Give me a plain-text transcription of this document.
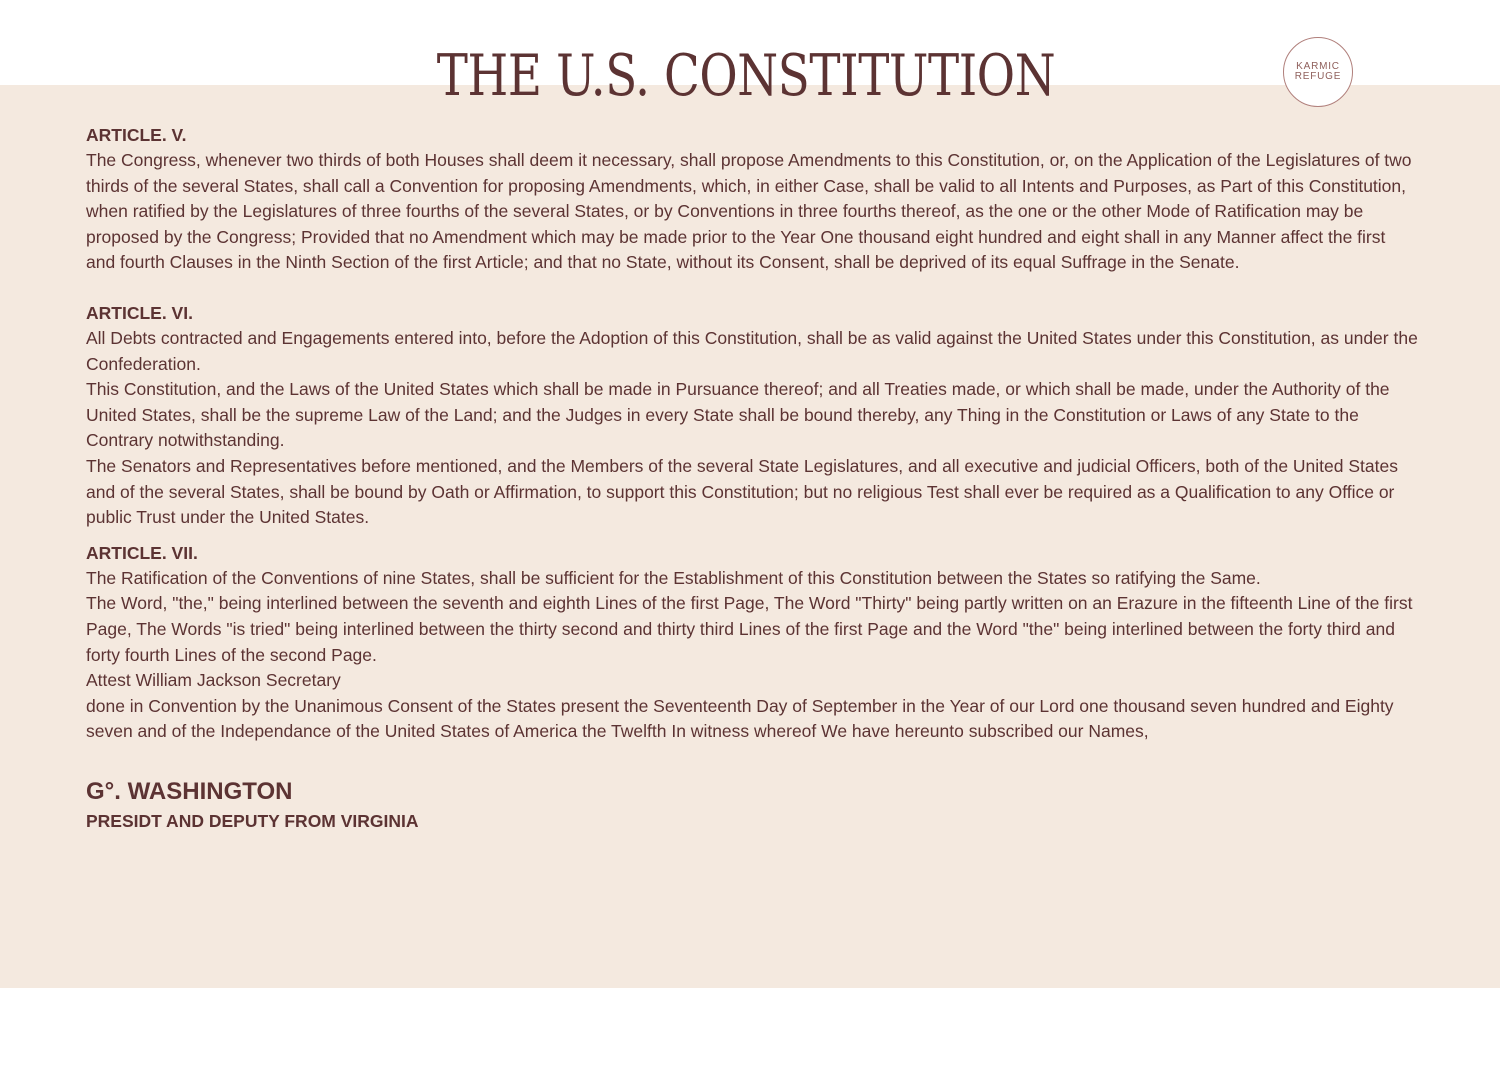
THE U.S. CONSTITUTION	KARMIC
REFUGE

ARTICLE. V.

The Congress, whenever two thirds of both Houses shall deem it necessary, shall propose Amendments to this Constitution, or, on the Application of the Legislatures of two thirds of the several States, shall call a Convention for proposing Amendments, which, in either Case, shall be valid to all Intents and Purposes, as Part of this Constitution, when ratified by the Legislatures of three fourths of the several States, or by Conventions in three fourths thereof, as the one or the other Mode of Ratification may be proposed by the Congress; Provided that no Amendment which may be made prior to the Year One thousand eight hundred and eight shall in any Manner affect the first and fourth Clauses in the Ninth Section of the first Article; and that no State, without its Consent, shall be deprived of its equal Suffrage in the Senate.

ARTICLE. VI.

All Debts contracted and Engagements entered into, before the Adoption of this Constitution, shall be as valid against the United States under this Constitution, as under the Confederation.

This Constitution, and the Laws of the United States which shall be made in Pursuance thereof; and all Treaties made, or which shall be made, under the Authority of the United States, shall be the supreme Law of the Land; and the Judges in every State shall be bound thereby, any Thing in the Constitution or Laws of any State to the Contrary notwithstanding.

The Senators and Representatives before mentioned, and the Members of the several State Legislatures, and all executive and judicial Officers, both of the United States and of the several States, shall be bound by Oath or Affirmation, to support this Constitution; but no religious Test shall ever be required as a Qualification to any Office or public Trust under the United States.

ARTICLE. VII.

The Ratification of the Conventions of nine States, shall be sufficient for the Establishment of this Constitution between the States so ratifying the Same.

The Word, "the," being interlined between the seventh and eighth Lines of the first Page, The Word "Thirty" being partly written on an Erazure in the fifteenth Line of the first Page, The Words "is tried" being interlined between the thirty second and thirty third Lines of the first Page and the Word "the" being interlined between the forty third and forty fourth Lines of the second Page.

Attest William Jackson Secretary

done in Convention by the Unanimous Consent of the States present the Seventeenth Day of September in the Year of our Lord one thousand seven hundred and Eighty seven and of the Independance of the United States of America the Twelfth In witness whereof We have hereunto subscribed our Names,

G°. WASHINGTON

PRESIDT AND DEPUTY FROM VIRGINIA
